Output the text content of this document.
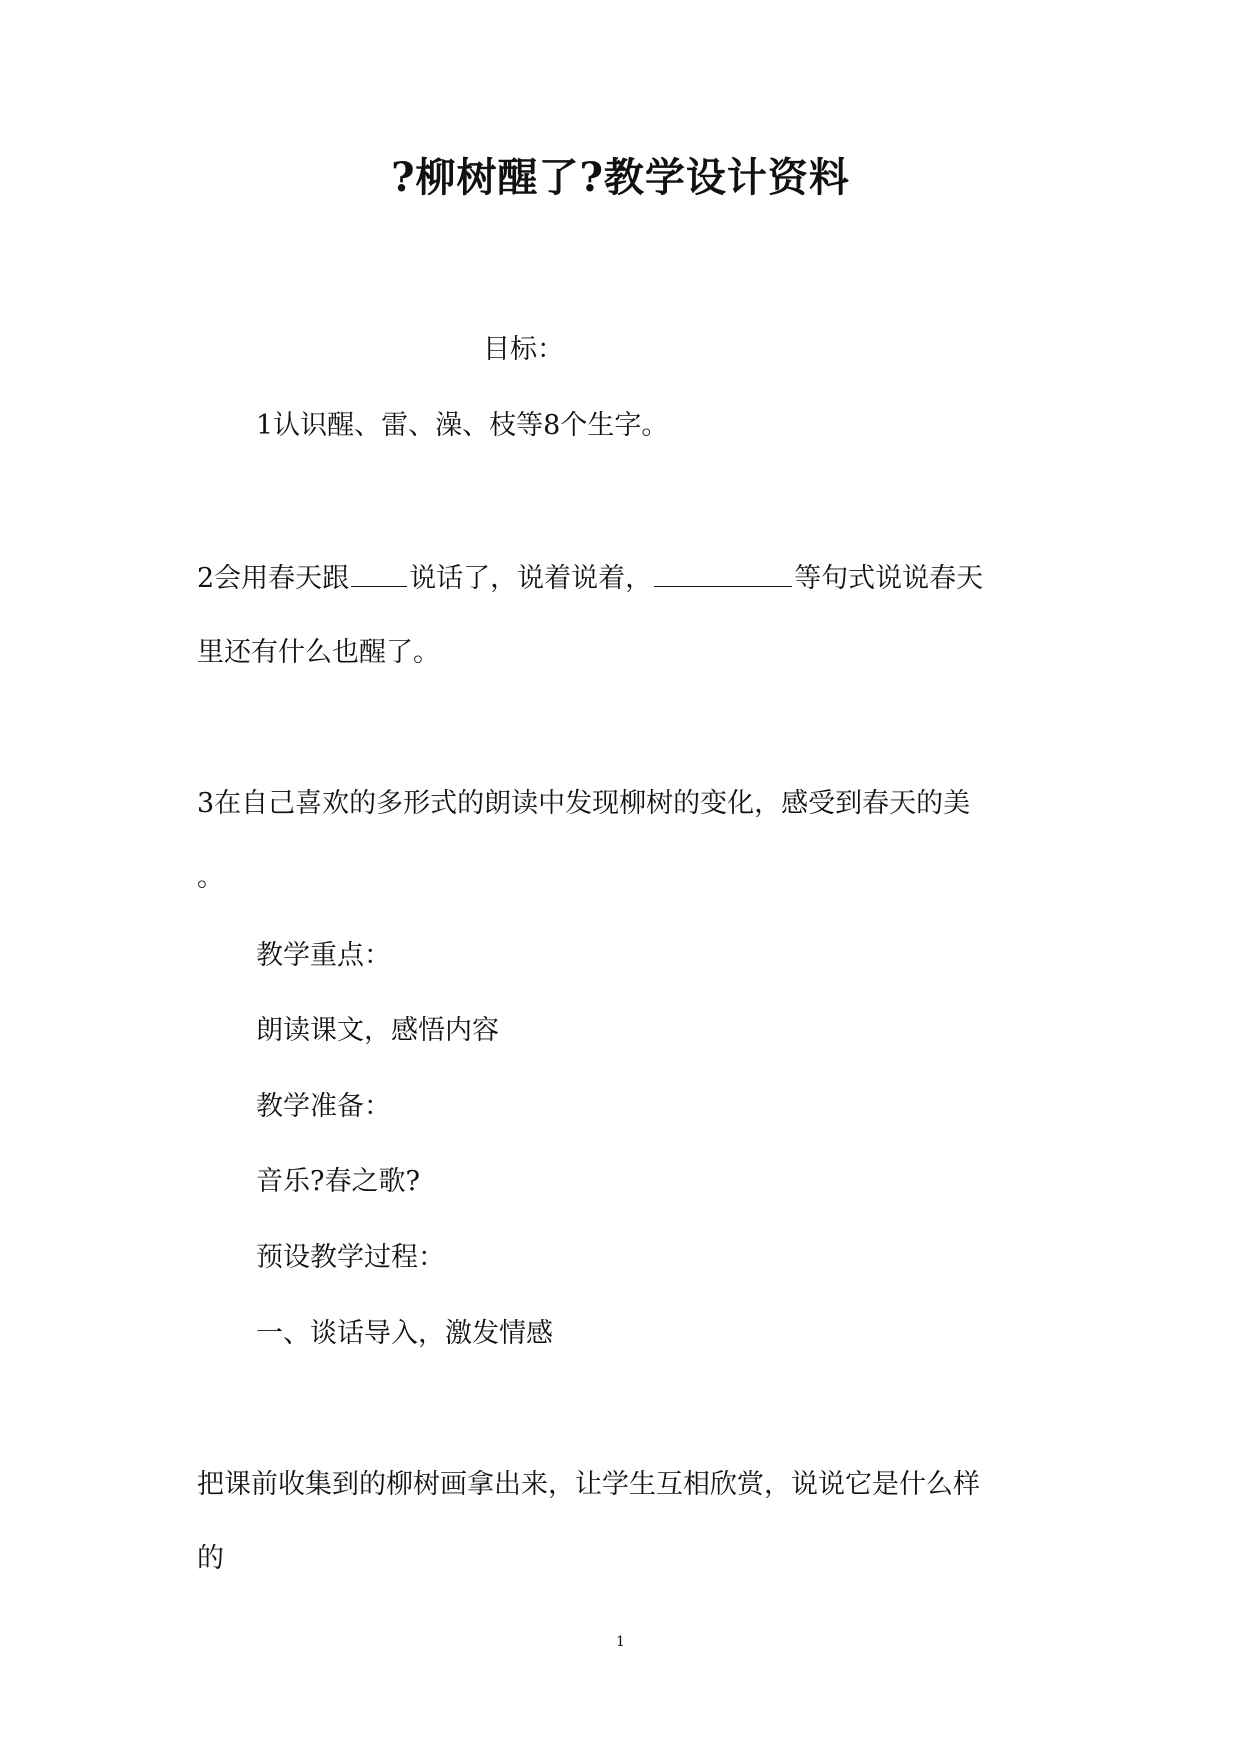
?柳树醒了?教学设计资料
目标：
1认识醒、雷、澡、枝等8个生字。
2会用春天跟 说话了，说着说着，	等句式说说春天
里还有什么也醒了。
3在自己喜欢的多形式的朗读中发现柳树的变化，感受到春天的美
。
教学重点：
朗读课文，感悟内容
教学准备：
音乐?春之歌?
预设教学过程：
一、谈话导入，激发情感
把课前收集到的柳树画拿出来，让学生互相欣赏，说说它是什么样
的
1
